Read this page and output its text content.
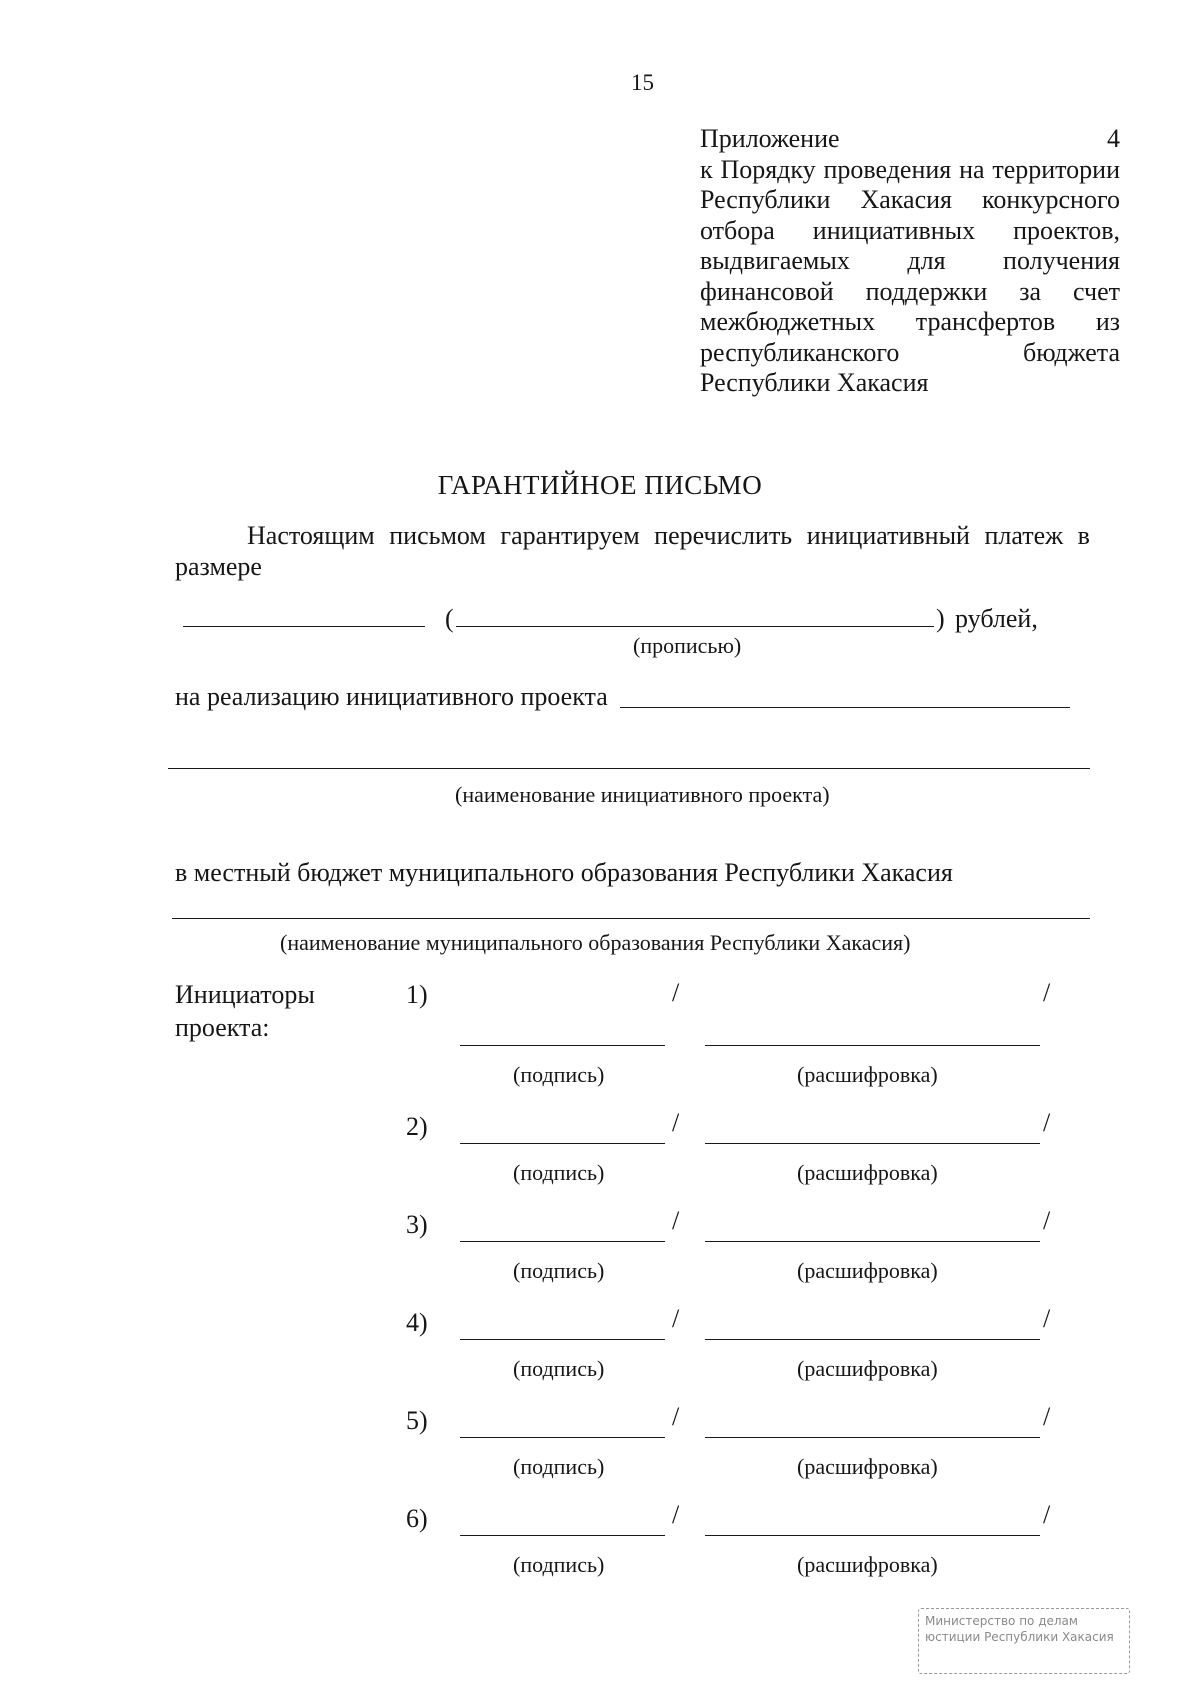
15
Приложение	4
к Порядку проведения на территории
Республики Хакасия конкурсного
отбора инициативных проектов,
выдвигаемых для получения
финансовой поддержки за счет
межбюджетных трансфертов из
республиканского	бюджета
Республики Хакасия
ГАРАНТИЙНОЕ ПИСЬМО
Настоящим письмом гарантируем перечислить инициативный платеж в
размере
(	) рублей,
(прописью)
на реализацию инициативного проекта
(наименование инициативного проекта)
в местный бюджет муниципального образования Республики Хакасия
(наименование муниципального образования Республики Хакасия)
Инициаторы
проекта:
1)	/	/
(подпись)	(расшифровка)
2)	/	/
(подпись)	(расшифровка)
3)	/	/
(подпись)	(расшифровка)
4)	/	/
(подпись)	(расшифровка)
5)	/	/
(подпись)	(расшифровка)
6)	/	/
(подпись)	(расшифровка)
Министерство по делам
юстиции Республики Хакасия
